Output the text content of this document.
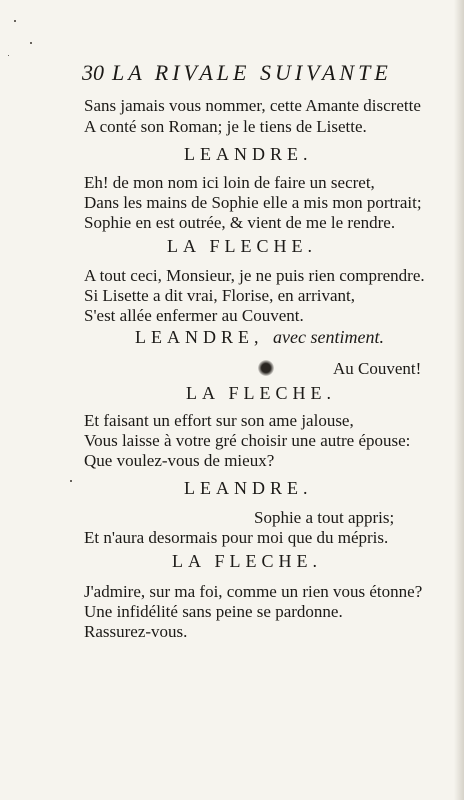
30 LA RIVALE SUIVANTE
Sans jamais vous nommer, cette Amante discrette
A conté son Roman; je le tiens de Lisette.
LEANDRE.
Eh! de mon nom ici loin de faire un secret,
Dans les mains de Sophie elle a mis mon portrait;
Sophie en est outrée, & vient de me le rendre.
LA FLECHE.
A tout ceci, Monsieur, je ne puis rien comprendre.
Si Lisette a dit vrai, Florise, en arrivant,
S'est allée enfermer au Couvent.
LEANDRE, avec sentiment.
Au Couvent!
LA FLECHE.
Et faisant un effort sur son ame jalouse,
Vous laisse à votre gré choisir une autre épouse:
Que voulez-vous de mieux?
LEANDRE.
Sophie a tout appris;
Et n'aura desormais pour moi que du mépris.
LA FLECHE.
J'admire, sur ma foi, comme un rien vous étonne?
Une infidélité sans peine se pardonne.
Rassurez-vous.
